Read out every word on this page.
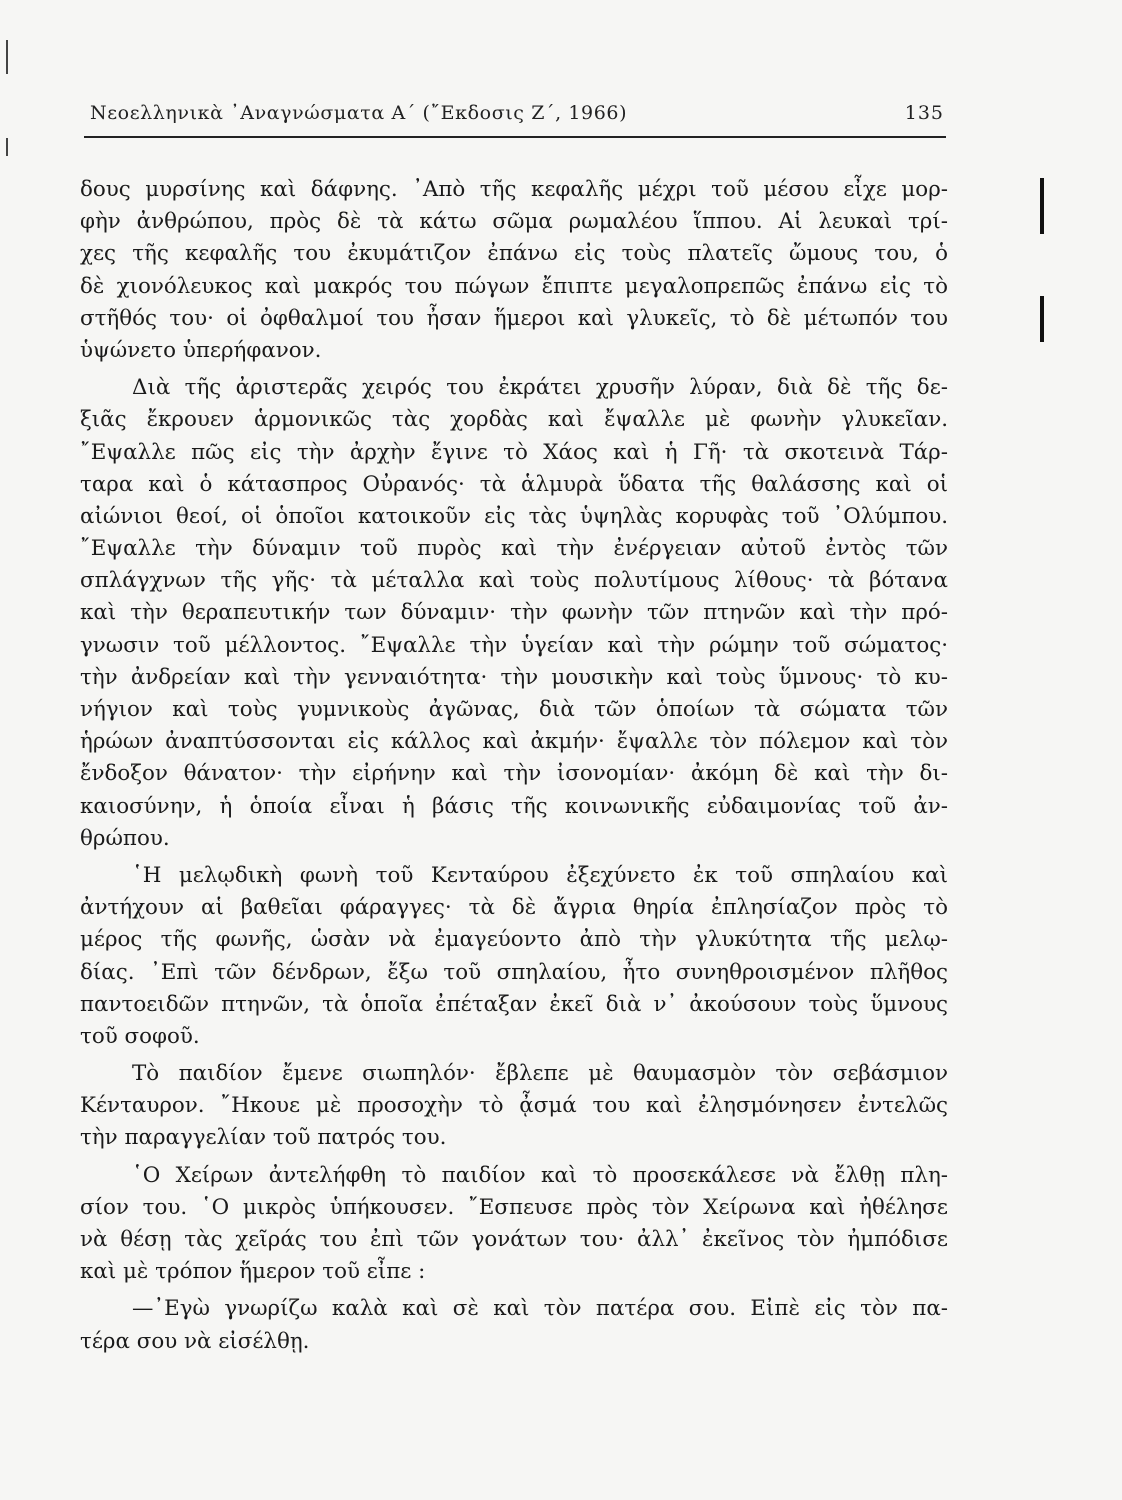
Νεοελληνικὰ ᾿Αναγνώσματα Α΄ (῎Εκδοσις Ζ΄, 1966)	135
δους μυρσίνης καὶ δάφνης. ᾿Απὸ τῆς κεφαλῆς μέχρι τοῦ μέσου εἶχε μορ-
φὴν ἀνθρώπου, πρὸς δὲ τὰ κάτω σῶμα ρωμαλέου ἵππου. Αἱ λευκαὶ τρί-
χες τῆς κεφαλῆς του ἐκυμάτιζον ἐπάνω εἰς τοὺς πλατεῖς ὤμους του, ὁ
δὲ χιονόλευκος καὶ μακρός του πώγων ἔπιπτε μεγαλοπρεπῶς ἐπάνω εἰς τὸ
στῆθός του· οἱ ὀφθαλμοί του ἦσαν ἥμεροι καὶ γλυκεῖς, τὸ δὲ μέτωπόν του
ὑψώνετο ὑπερήφανον.
Διὰ τῆς ἀριστερᾶς χειρός του ἐκράτει χρυσῆν λύραν, διὰ δὲ τῆς δε-
ξιᾶς ἔκρουεν ἁρμονικῶς τὰς χορδὰς καὶ ἔψαλλε μὲ φωνὴν γλυκεῖαν.
῎Εψαλλε πῶς εἰς τὴν ἀρχὴν ἔγινε τὸ Χάος καὶ ἡ Γῆ· τὰ σκοτεινὰ Τάρ-
ταρα καὶ ὁ κάτασπρος Οὐρανός· τὰ ἁλμυρὰ ὕδατα τῆς θαλάσσης καὶ οἱ
αἰώνιοι θεοί, οἱ ὁποῖοι κατοικοῦν εἰς τὰς ὑψηλὰς κορυφὰς τοῦ ᾿Ολύμπου.
῎Εψαλλε τὴν δύναμιν τοῦ πυρὸς καὶ τὴν ἐνέργειαν αὐτοῦ ἐντὸς τῶν
σπλάγχνων τῆς γῆς· τὰ μέταλλα καὶ τοὺς πολυτίμους λίθους· τὰ βότανα
καὶ τὴν θεραπευτικήν των δύναμιν· τὴν φωνὴν τῶν πτηνῶν καὶ τὴν πρό-
γνωσιν τοῦ μέλλοντος. ῎Εψαλλε τὴν ὑγείαν καὶ τὴν ρώμην τοῦ σώματος·
τὴν ἀνδρείαν καὶ τὴν γενναιότητα· τὴν μουσικὴν καὶ τοὺς ὕμνους· τὸ κυ-
νήγιον καὶ τοὺς γυμνικοὺς ἀγῶνας, διὰ τῶν ὁποίων τὰ σώματα τῶν
ἡρώων ἀναπτύσσονται εἰς κάλλος καὶ ἀκμήν· ἔψαλλε τὸν πόλεμον καὶ τὸν
ἔνδοξον θάνατον· τὴν εἰρήνην καὶ τὴν ἰσονομίαν· ἀκόμη δὲ καὶ τὴν δι-
καιοσύνην, ἡ ὁποία εἶναι ἡ βάσις τῆς κοινωνικῆς εὐδαιμονίας τοῦ ἀν-
θρώπου.
῾Η μελῳδικὴ φωνὴ τοῦ Κενταύρου ἐξεχύνετο ἐκ τοῦ σπηλαίου καὶ
ἀντήχουν αἱ βαθεῖαι φάραγγες· τὰ δὲ ἄγρια θηρία ἐπλησίαζον πρὸς τὸ
μέρος τῆς φωνῆς, ὡσὰν νὰ ἐμαγεύοντο ἀπὸ τὴν γλυκύτητα τῆς μελῳ-
δίας. ᾿Επὶ τῶν δένδρων, ἔξω τοῦ σπηλαίου, ἦτο συνηθροισμένον πλῆθος
παντοειδῶν πτηνῶν, τὰ ὁποῖα ἐπέταξαν ἐκεῖ διὰ ν᾿ ἀκούσουν τοὺς ὕμνους
τοῦ σοφοῦ.
Τὸ παιδίον ἔμενε σιωπηλόν· ἔβλεπε μὲ θαυμασμὸν τὸν σεβάσμιον
Κένταυρον. ῎Ηκουε μὲ προσοχὴν τὸ ᾆσμά του καὶ ἐλησμόνησεν ἐντελῶς
τὴν παραγγελίαν τοῦ πατρός του.
῾Ο Χείρων ἀντελήφθη τὸ παιδίον καὶ τὸ προσεκάλεσε νὰ ἔλθῃ πλη-
σίον του. ῾Ο μικρὸς ὑπήκουσεν. ῎Εσπευσε πρὸς τὸν Χείρωνα καὶ ἠθέλησε
νὰ θέσῃ τὰς χεῖράς του ἐπὶ τῶν γονάτων του· ἀλλ᾿ ἐκεῖνος τὸν ἠμπόδισε
καὶ μὲ τρόπον ἥμερον τοῦ εἶπε :
—᾿Εγὼ γνωρίζω καλὰ καὶ σὲ καὶ τὸν πατέρα σου. Εἰπὲ εἰς τὸν πα-
τέρα σου νὰ εἰσέλθῃ.
